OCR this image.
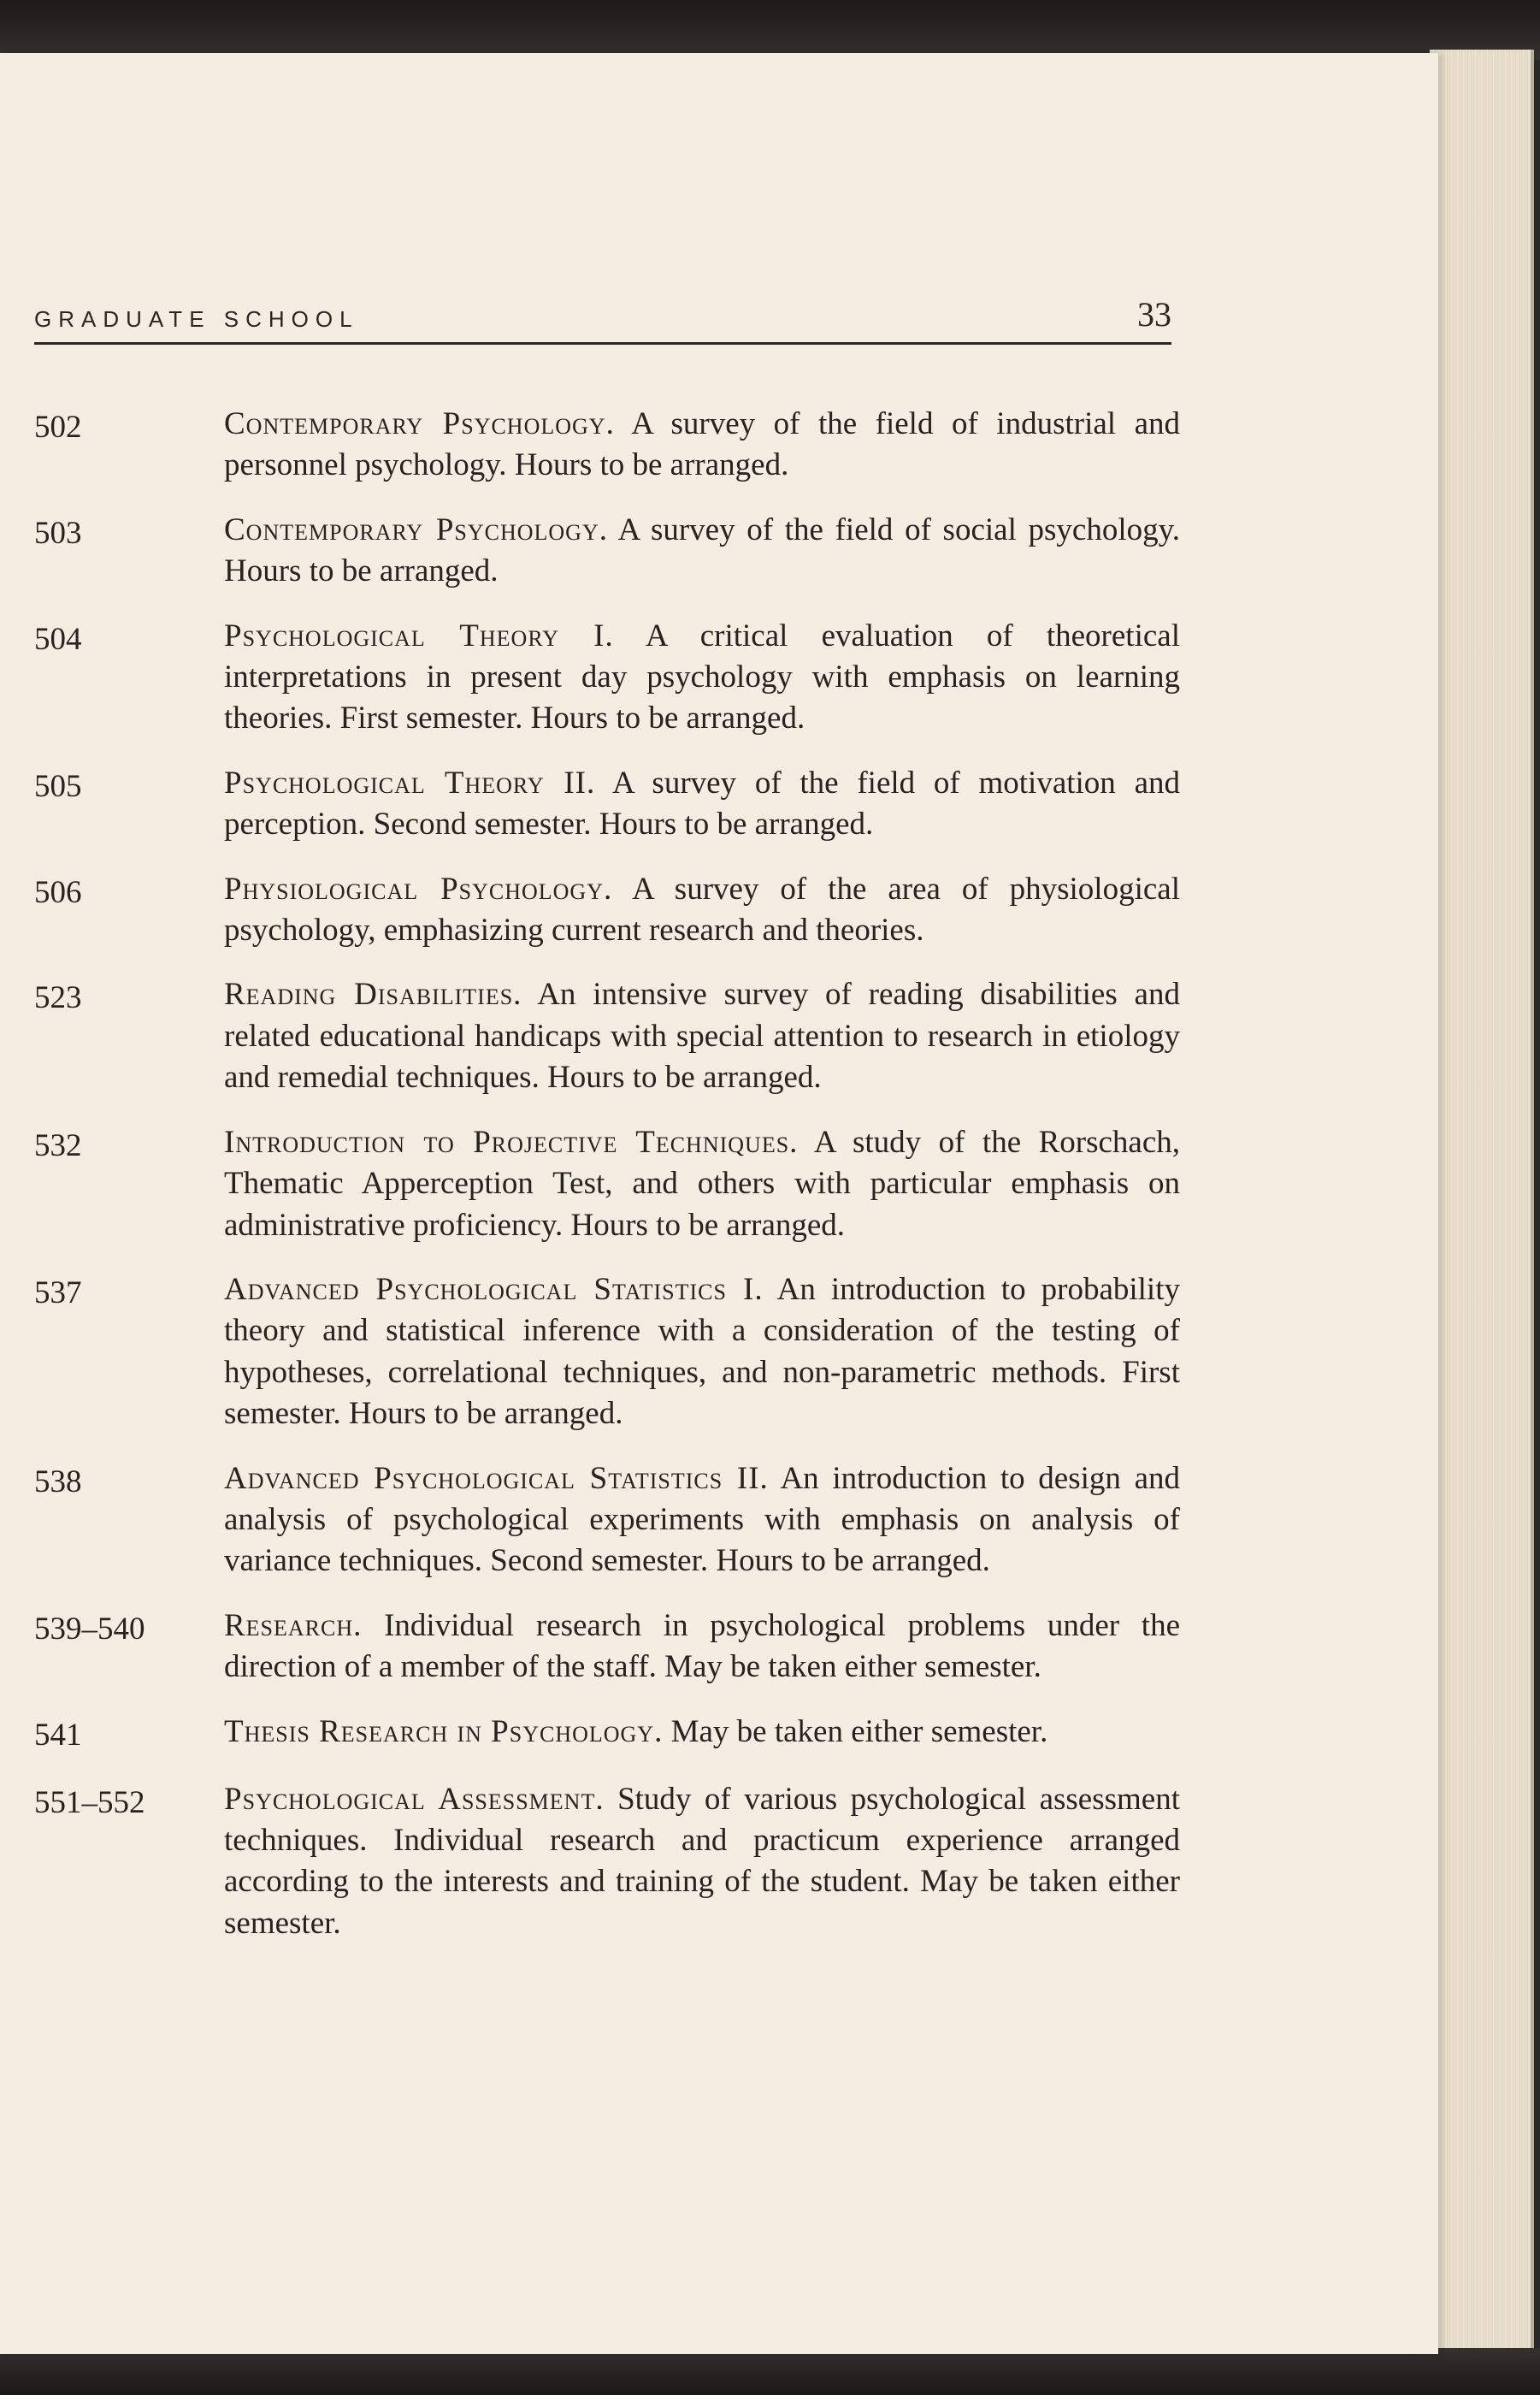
GRADUATE SCHOOL	33
502	Contemporary Psychology. A survey of the field of industrial and personnel psychology. Hours to be arranged.
503	Contemporary Psychology. A survey of the field of social psychology. Hours to be arranged.
504	Psychological Theory I. A critical evaluation of theoretical interpretations in present day psychology with emphasis on learning theories. First semester. Hours to be arranged.
505	Psychological Theory II. A survey of the field of motivation and perception. Second semester. Hours to be arranged.
506	Physiological Psychology. A survey of the area of physiological psychology, emphasizing current research and theories.
523	Reading Disabilities. An intensive survey of reading disabilities and related educational handicaps with special attention to research in etiology and remedial techniques. Hours to be arranged.
532	Introduction to Projective Techniques. A study of the Rorschach, Thematic Apperception Test, and others with particular emphasis on administrative proficiency. Hours to be arranged.
537	Advanced Psychological Statistics I. An introduction to probability theory and statistical inference with a consideration of the testing of hypotheses, correlational techniques, and non-parametric methods. First semester. Hours to be arranged.
538	Advanced Psychological Statistics II. An introduction to design and analysis of psychological experiments with emphasis on analysis of variance techniques. Second semester. Hours to be arranged.
539–540	Research. Individual research in psychological problems under the direction of a member of the staff. May be taken either semester.
541	Thesis Research in Psychology. May be taken either semester.
551–552	Psychological Assessment. Study of various psychological assessment techniques. Individual research and practicum experience arranged according to the interests and training of the student. May be taken either semester.
